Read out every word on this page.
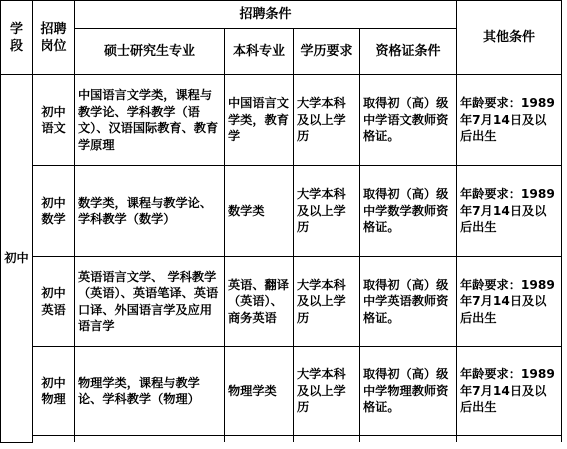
学段	招聘岗位	招聘条件				其他条件
		硕士研究生专业	本科专业	学历要求	资格证条件	
初中	初中语文	中国语言文学类，课程与教学论、学科教学（语文）、汉语国际教育、教育学原理	中国语言文学类，教育学	大学本科及以上学历	取得初（高）级中学语文教师资格证。	年龄要求：1989年7月14日及以后出生
	初中数学	数学类，课程与教学论、学科教学（数学）	数学类	大学本科及以上学历	取得初（高）级中学数学教师资格证。	年龄要求：1989年7月14日及以后出生
	初中英语	英语语言文学、 学科教学（英语）、英语笔译、英语口译、外国语言学及应用语言学	英语、翻译（英语）、商务英语	大学本科及以上学历	取得初（高）级中学英语教师资格证。	年龄要求：1989年7月14日及以后出生
	初中物理	物理学类，课程与教学论、学科教学（物理）	物理学类	大学本科及以上学历	取得初（高）级中学物理教师资格证。	年龄要求：1989年7月14日及以后出生
